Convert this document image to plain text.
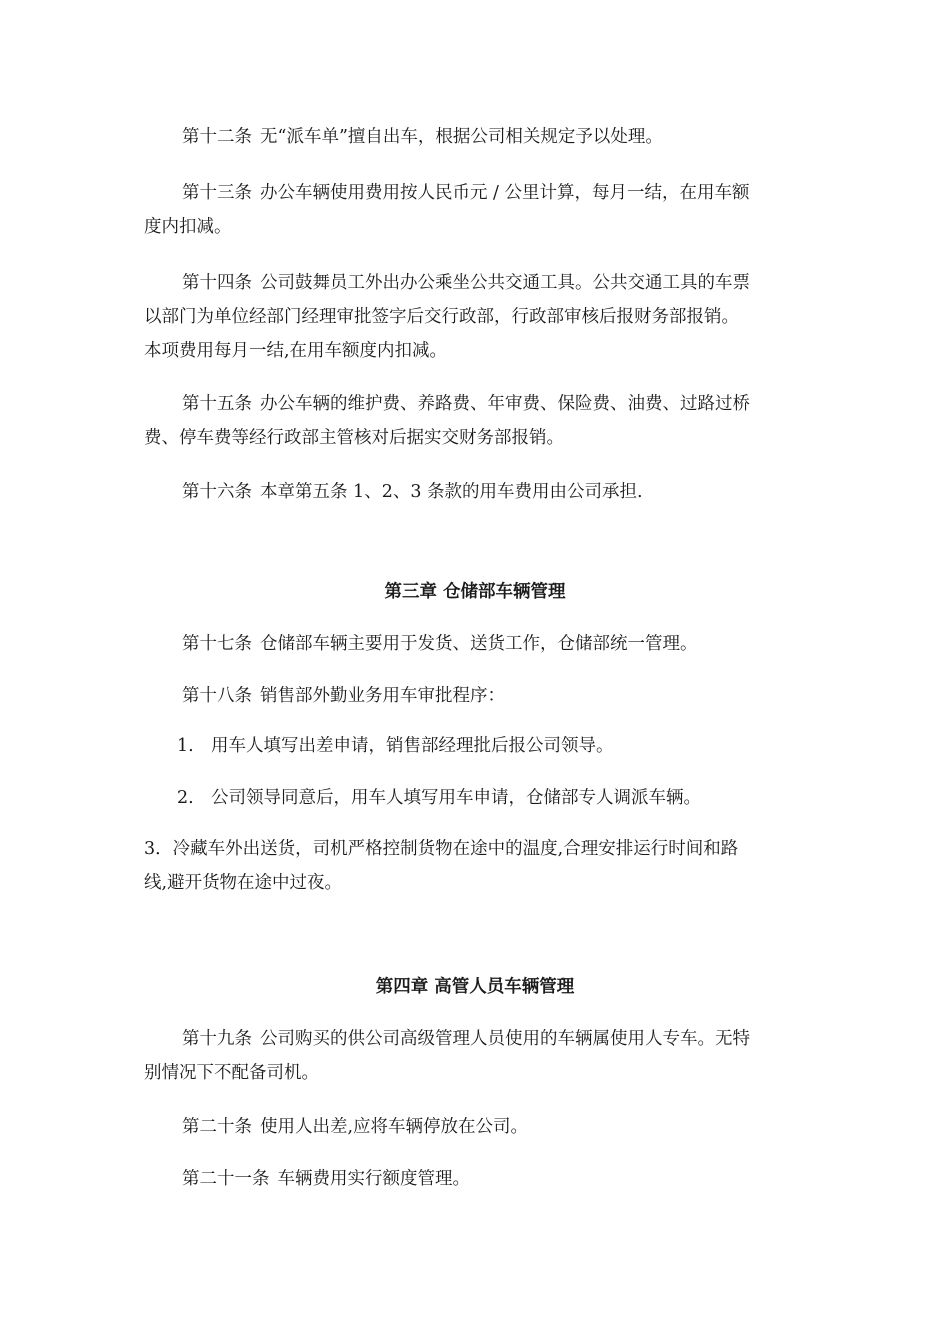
第十二条 无“派车单”擅自出车，根据公司相关规定予以处理。

第十三条 办公车辆使用费用按人民币元 / 公里计算，每月一结，在用车额
度内扣减。
第十四条 公司鼓舞员工外出办公乘坐公共交通工具。公共交通工具的车票
以部门为单位经部门经理审批签字后交行政部，行政部审核后报财务部报销。
本项费用每月一结,在用车额度内扣减。
第十五条 办公车辆的维护费、养路费、年审费、保险费、油费、过路过桥
费、停车费等经行政部主管核对后据实交财务部报销。

第十六条 本章第五条 1、2、3 条款的用车费用由公司承担.

第三章 仓储部车辆管理

第十七条 仓储部车辆主要用于发货、送货工作，仓储部统一管理。

第十八条 销售部外勤业务用车审批程序：

1. 用车人填写出差申请，销售部经理批后报公司领导。

2. 公司领导同意后，用车人填写用车申请，仓储部专人调派车辆。

3．冷藏车外出送货，司机严格控制货物在途中的温度,合理安排运行时间和路
线,避开货物在途中过夜。
第四章 高管人员车辆管理
第十九条 公司购买的供公司高级管理人员使用的车辆属使用人专车。无特
别情况下不配备司机。

第二十条 使用人出差,应将车辆停放在公司。

第二十一条 车辆费用实行额度管理。
